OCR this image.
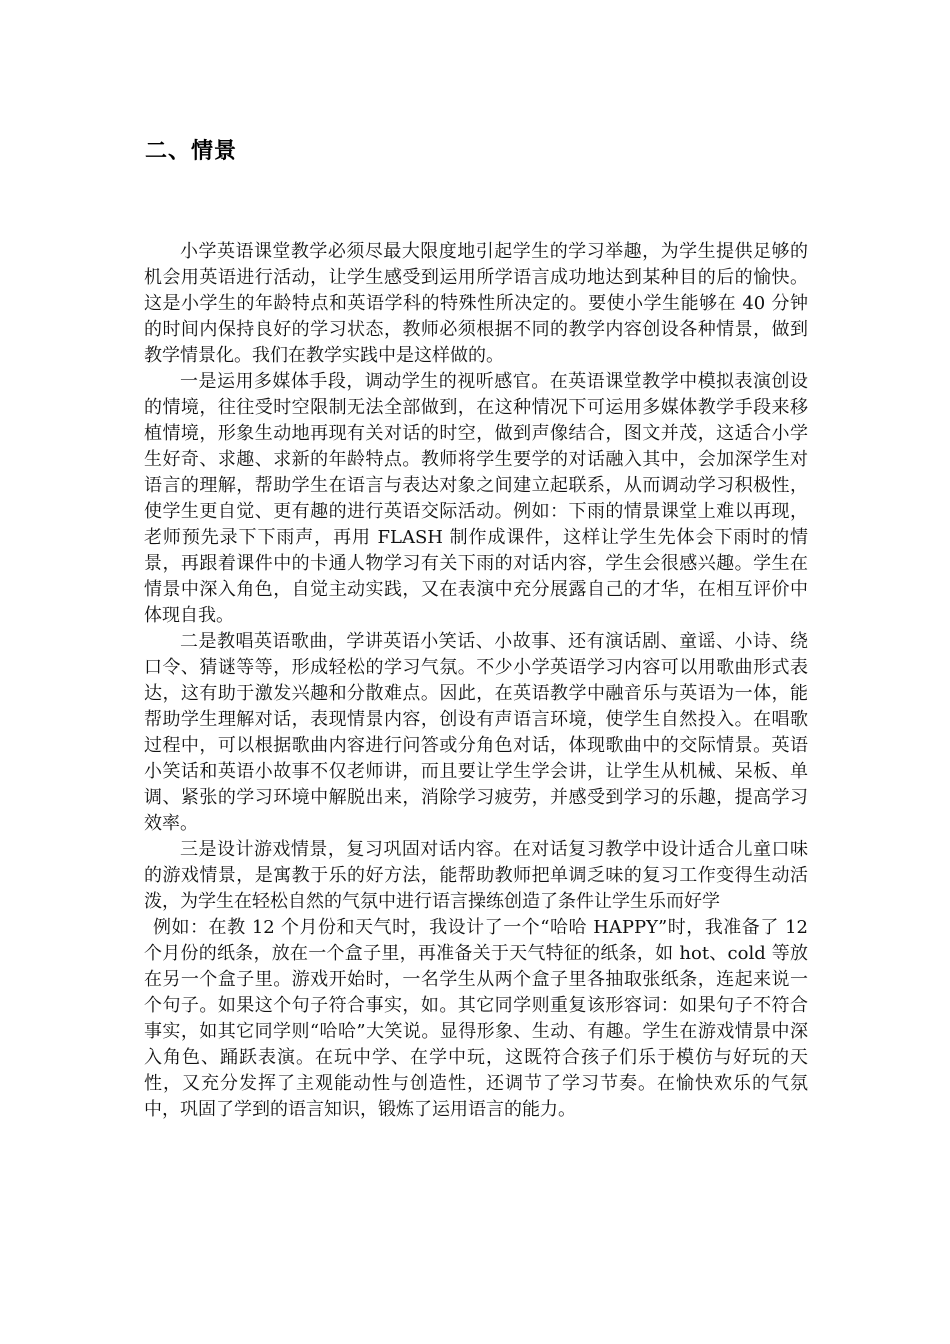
二、情景

小学英语课堂教学必须尽最大限度地引起学生的学习举趣，为学生提供足够的机会用英语进行活动，让学生感受到运用所学语言成功地达到某种目的后的愉快。这是小学生的年龄特点和英语学科的特殊性所决定的。要使小学生能够在 40 分钟的时间内保持良好的学习状态，教师必须根据不同的教学内容创设各种情景，做到教学情景化。我们在教学实践中是这样做的。

一是运用多媒体手段，调动学生的视听感官。在英语课堂教学中模拟表演创设的情境，往往受时空限制无法全部做到，在这种情况下可运用多媒体教学手段来移植情境，形象生动地再现有关对话的时空，做到声像结合，图文并茂，这适合小学生好奇、求趣、求新的年龄特点。教师将学生要学的对话融入其中，会加深学生对语言的理解，帮助学生在语言与表达对象之间建立起联系，从而调动学习积极性，使学生更自觉、更有趣的进行英语交际活动。例如：下雨的情景课堂上难以再现，老师预先录下下雨声，再用 FLASH 制作成课件，这样让学生先体会下雨时的情景，再跟着课件中的卡通人物学习有关下雨的对话内容，学生会很感兴趣。学生在情景中深入角色，自觉主动实践，又在表演中充分展露自己的才华，在相互评价中体现自我。

二是教唱英语歌曲，学讲英语小笑话、小故事、还有演话剧、童谣、小诗、绕口令、猜谜等等，形成轻松的学习气氛。不少小学英语学习内容可以用歌曲形式表达，这有助于激发兴趣和分散难点。因此，在英语教学中融音乐与英语为一体，能帮助学生理解对话，表现情景内容，创设有声语言环境，使学生自然投入。在唱歌过程中，可以根据歌曲内容进行问答或分角色对话，体现歌曲中的交际情景。英语小笑话和英语小故事不仅老师讲，而且要让学生学会讲，让学生从机械、呆板、单调、紧张的学习环境中解脱出来，消除学习疲劳，并感受到学习的乐趣，提高学习效率。

三是设计游戏情景，复习巩固对话内容。在对话复习教学中设计适合儿童口味的游戏情景，是寓教于乐的好方法，能帮助教师把单调乏味的复习工作变得生动活泼，为学生在轻松自然的气氛中进行语言操练创造了条件让学生乐而好学

例如：在教 12 个月份和天气时，我设计了一个“哈哈 HAPPY”时，我准备了 12 个月份的纸条，放在一个盒子里，再准备关于天气特征的纸条，如 hot、cold 等放在另一个盒子里。游戏开始时，一名学生从两个盒子里各抽取张纸条，连起来说一个句子。如果这个句子符合事实，如。其它同学则重复该形容词：如果句子不符合事实，如其它同学则“哈哈”大笑说。显得形象、生动、有趣。学生在游戏情景中深入角色、踊跃表演。在玩中学、在学中玩，这既符合孩子们乐于模仿与好玩的天性，又充分发挥了主观能动性与创造性，还调节了学习节奏。在愉快欢乐的气氛中，巩固了学到的语言知识，锻炼了运用语言的能力。
